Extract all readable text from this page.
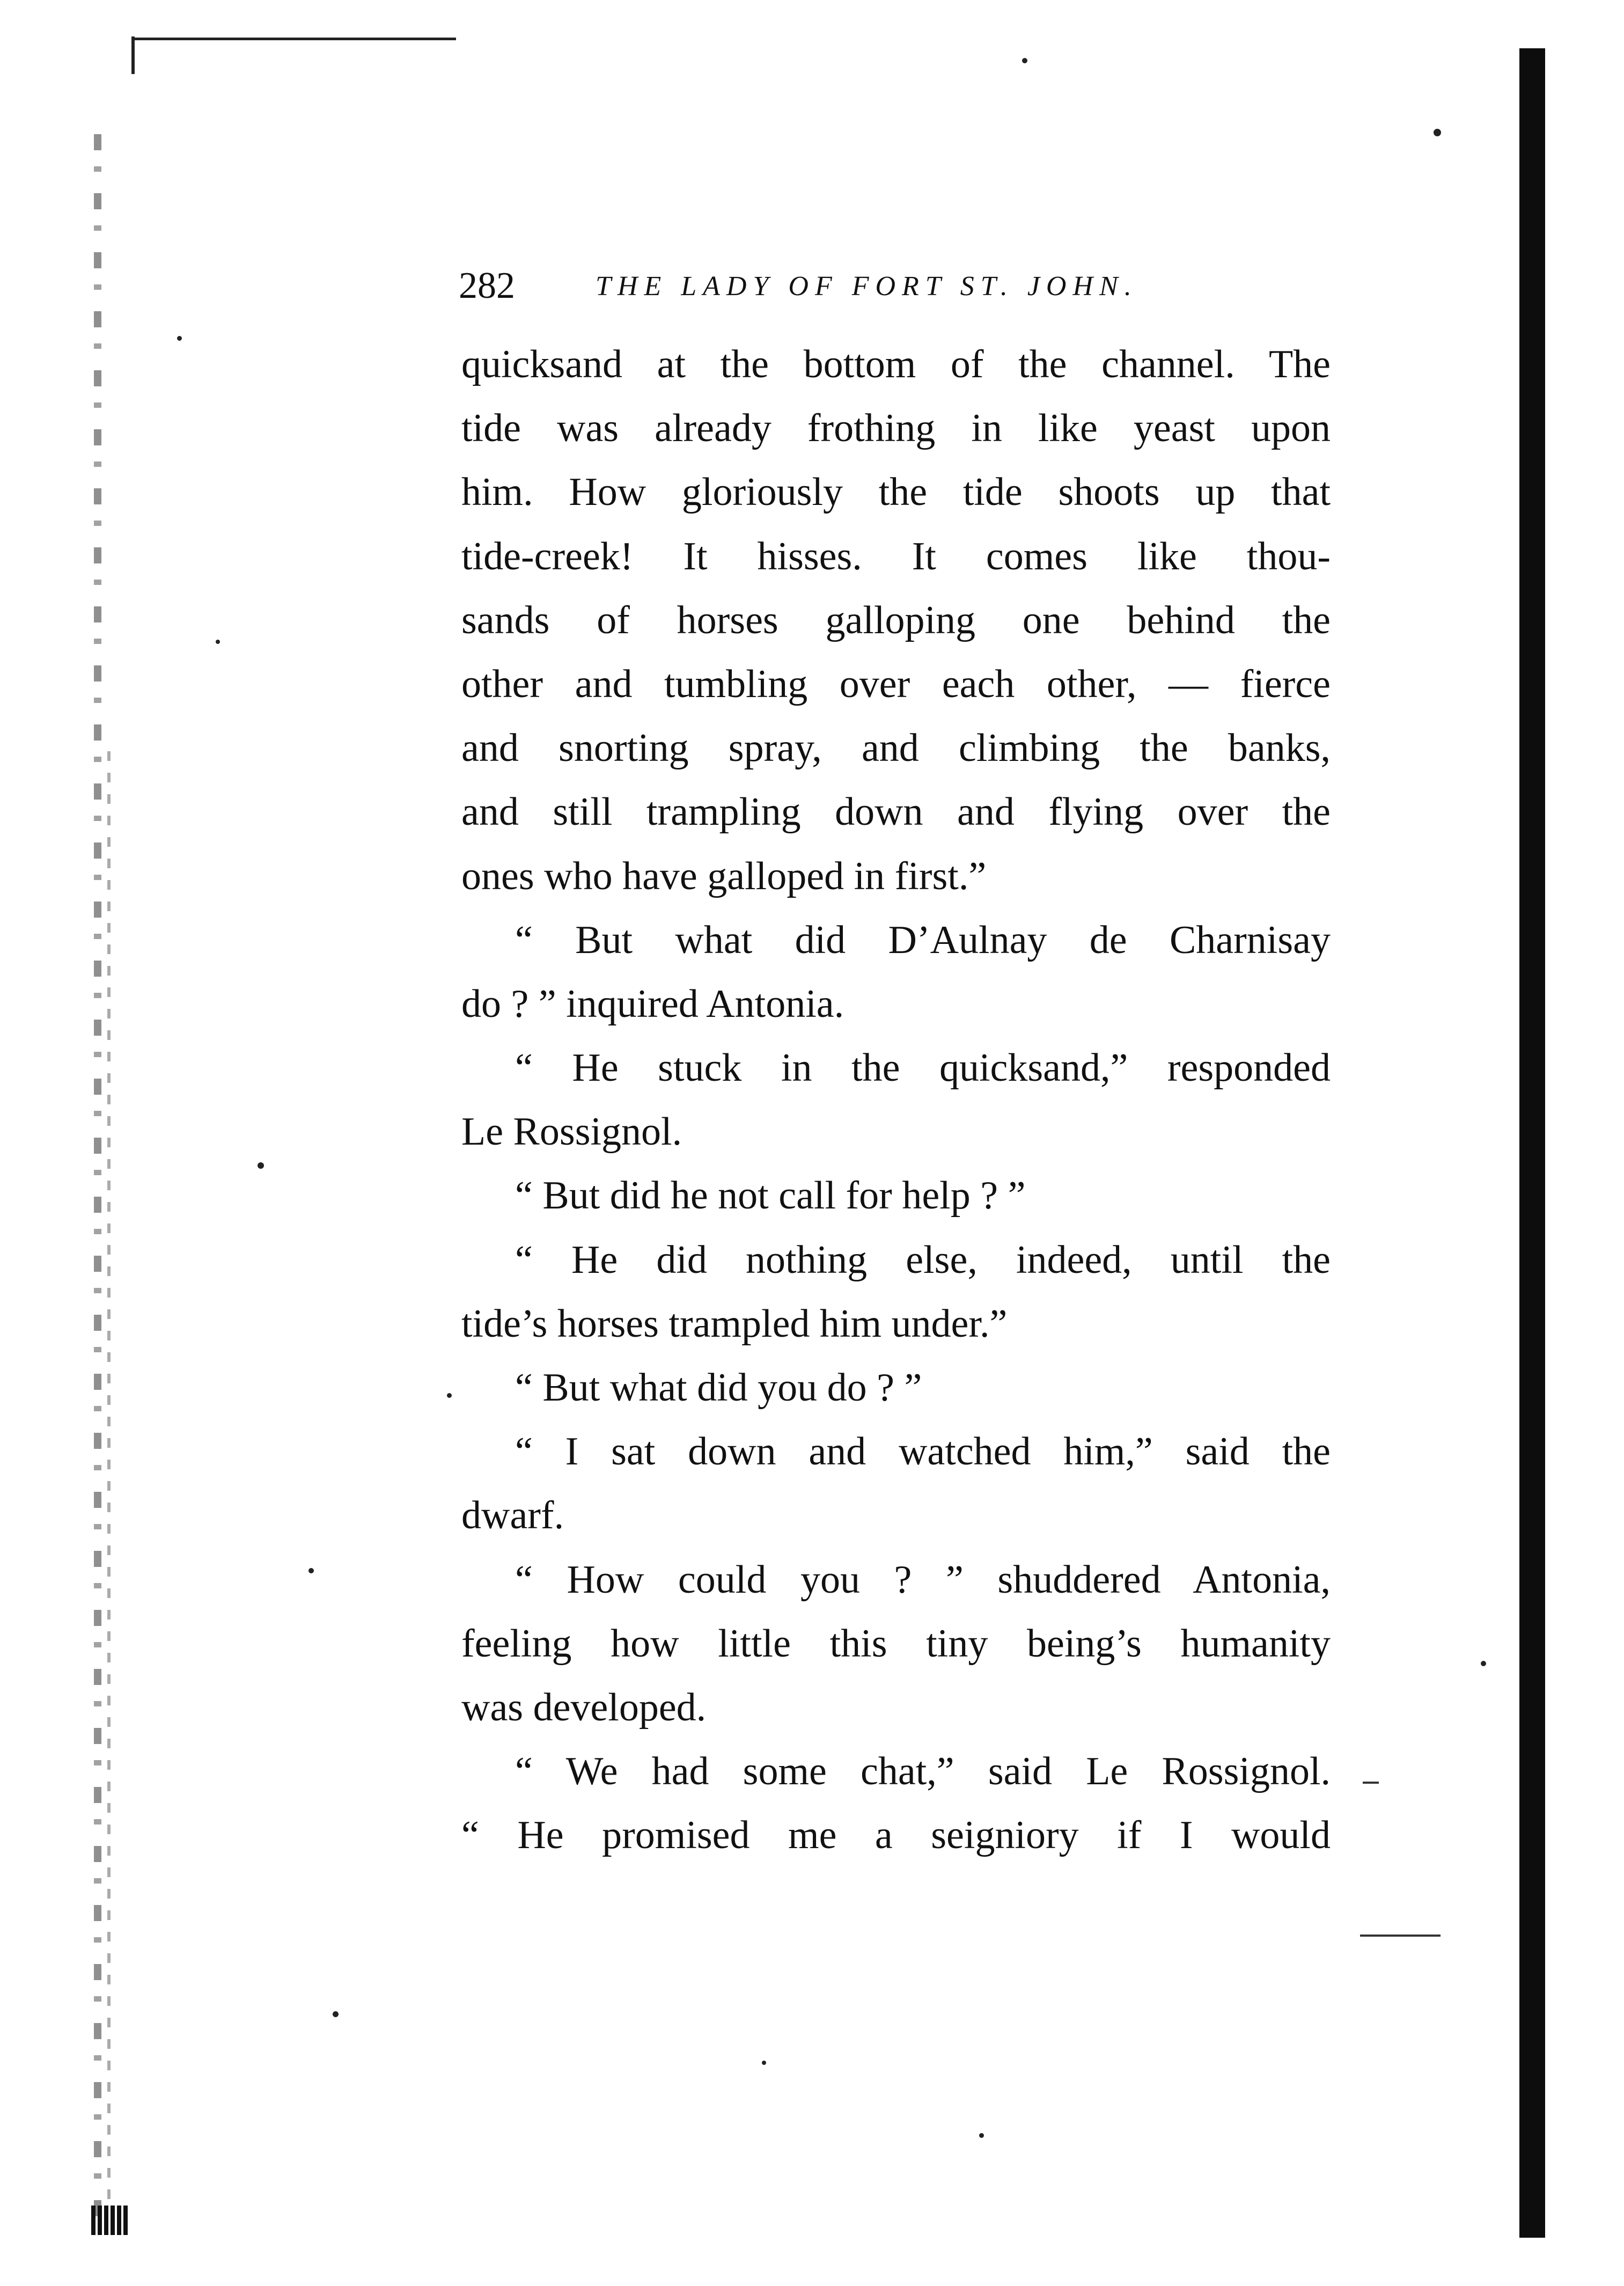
282	THE LADY OF FORT ST. JOHN.
quicksand at the bottom of the channel. The
tide was already frothing in like yeast upon
him. How gloriously the tide shoots up that
tide-creek! It hisses. It comes like thou-
sands of horses galloping one behind the
other and tumbling over each other, — fierce
and snorting spray, and climbing the banks,
and still trampling down and flying over the
ones who have galloped in first.”
“ But what did D’Aulnay de Charnisay
do ? ” inquired Antonia.
“ He stuck in the quicksand,” responded
Le Rossignol.
“ But did he not call for help ? ”
“ He did nothing else, indeed, until the
tide’s horses trampled him under.”
“ But what did you do ? ”
“ I sat down and watched him,” said the
dwarf.
“ How could you ? ” shuddered Antonia,
feeling how little this tiny being’s humanity
was developed.
“ We had some chat,” said Le Rossignol.
“ He promised me a seigniory if I would
